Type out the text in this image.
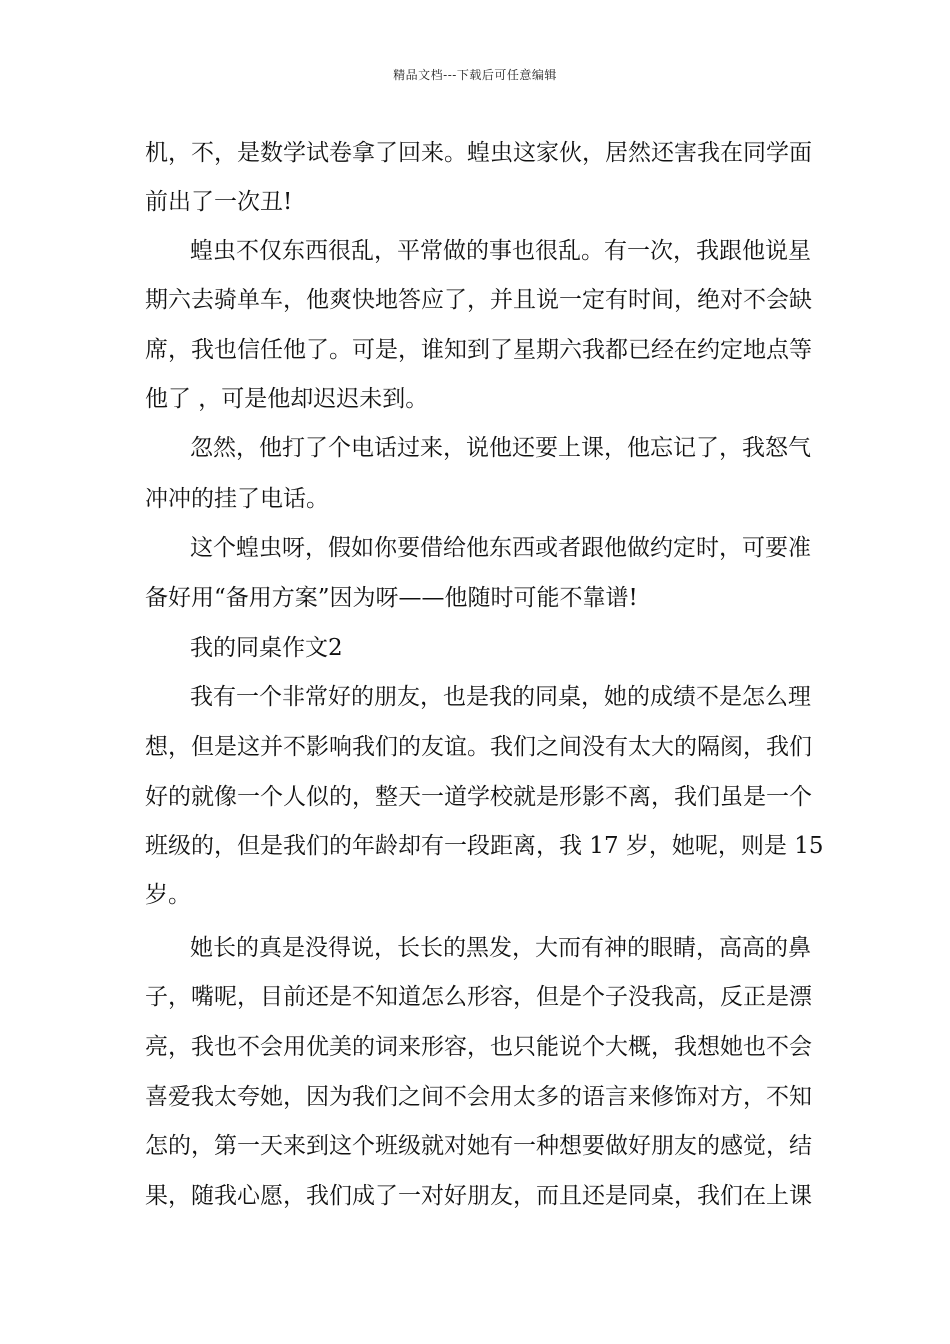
精品文档---下载后可任意编辑
机，不，是数学试卷拿了回来。蝗虫这家伙，居然还害我在同学面
前出了一次丑!
蝗虫不仅东西很乱，平常做的事也很乱。有一次，我跟他说星
期六去骑单车，他爽快地答应了，并且说一定有时间，绝对不会缺
席，我也信任他了。可是，谁知到了星期六我都已经在约定地点等
他了 ，可是他却迟迟未到。
忽然，他打了个电话过来，说他还要上课，他忘记了，我怒气
冲冲的挂了电话。
这个蝗虫呀，假如你要借给他东西或者跟他做约定时，可要准
备好用“备用方案”因为呀——他随时可能不靠谱!
我的同桌作文2
我有一个非常好的朋友，也是我的同桌，她的成绩不是怎么理
想，但是这并不影响我们的友谊。我们之间没有太大的隔阂，我们
好的就像一个人似的，整天一道学校就是形影不离，我们虽是一个
班级的，但是我们的年龄却有一段距离，我 17 岁，她呢，则是 15
岁。
她长的真是没得说，长长的黑发，大而有神的眼睛，高高的鼻
子，嘴呢，目前还是不知道怎么形容，但是个子没我高，反正是漂
亮，我也不会用优美的词来形容，也只能说个大概，我想她也不会
喜爱我太夸她，因为我们之间不会用太多的语言来修饰对方，不知
怎的，第一天来到这个班级就对她有一种想要做好朋友的感觉，结
果，随我心愿，我们成了一对好朋友，而且还是同桌，我们在上课
